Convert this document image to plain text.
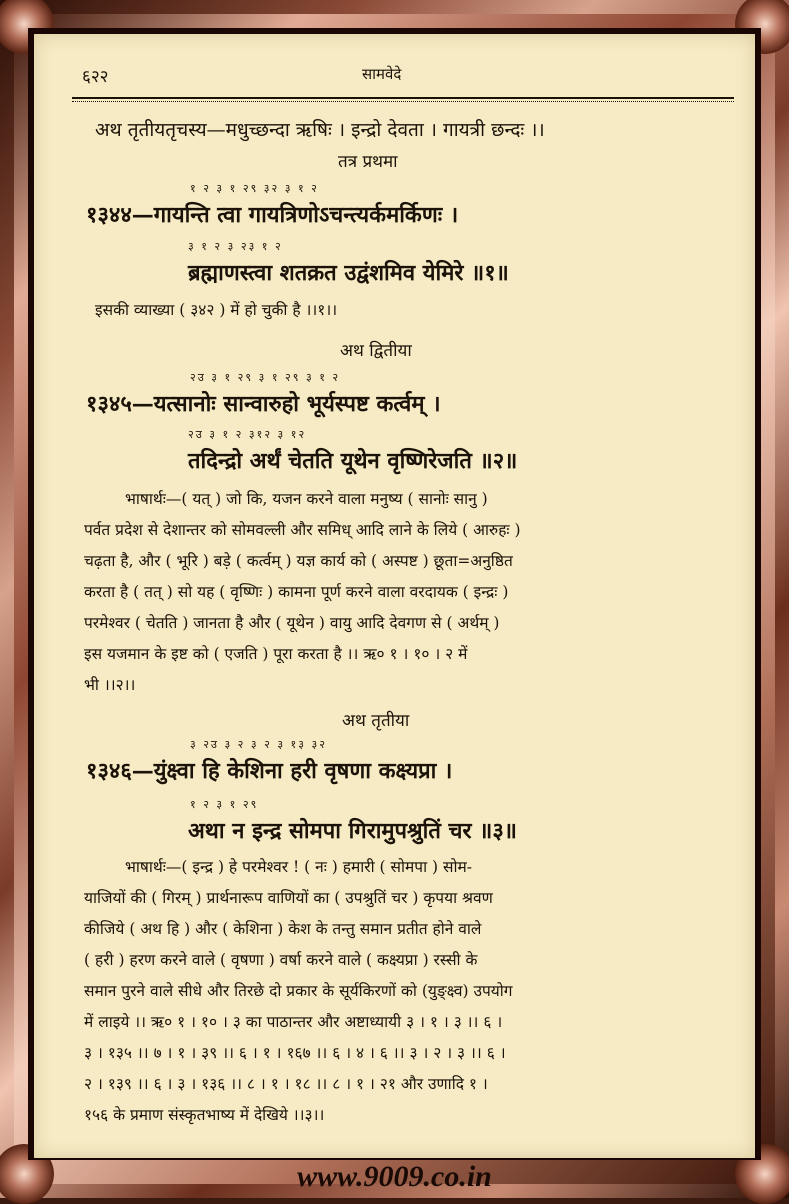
६२२	सामवेदे
अथ तृतीयतृचस्य—मधुच्छन्दा ऋषिः । इन्द्रो देवता । गायत्री छन्दः ।।
तत्र प्रथमा
१ २ ३ १ २९ ३२ ३ १ २
१३४४—गायन्ति त्वा गायत्रिणोऽचन्त्यर्कमर्किणः ।
३ १ २ ३ २३ १ २
ब्रह्माणस्त्वा शतक्रत उद्वंशमिव येमिरे ॥१॥
इसकी व्याख्या ( ३४२ ) में हो चुकी है ।।१।।
अथ द्वितीया
२उ ३ १ २९ ३ १ २९ ३ १ २
१३४५—यत्सानोः सान्वारुहो भूर्यस्पष्ट कर्त्वम् ।
२उ ३ १ २ ३१२ ३ १२
तदिन्द्रो अर्थं चेतति यूथेन वृष्णिरेजति ॥२॥
भाषार्थः—( यत् ) जो कि, यजन करने वाला मनुष्य ( सानोः सानु )
पर्वत प्रदेश से देशान्तर को सोमवल्ली और समिध् आदि लाने के लिये ( आरुहः )
चढ़ता है, और ( भूरि ) बड़े ( कर्त्वम् ) यज्ञ कार्य को ( अस्पष्ट ) छूता=अनुष्ठित
करता है ( तत् ) सो यह ( वृष्णिः ) कामना पूर्ण करने वाला वरदायक ( इन्द्रः )
परमेश्वर ( चेतति ) जानता है और ( यूथेन ) वायु आदि देवगण से ( अर्थम् )
इस यजमान के इष्ट को ( एजति ) पूरा करता है ।। ऋ० १ । १० । २ में
भी ।।२।।
अथ तृतीया
३ २उ ३ २ ३ २ ३ १३ ३२
१३४६—युंक्ष्वा हि केशिना हरी वृषणा कक्ष्यप्रा ।
१ २ ३ १ २९
अथा न इन्द्र सोमपा गिरामुपश्रुतिं चर ॥३॥
भाषार्थः—( इन्द्र ) हे परमेश्वर ! ( नः ) हमारी ( सोमपा ) सोम-
याजियों की ( गिरम् ) प्रार्थनारूप वाणियों का ( उपश्रुतिं चर ) कृपया श्रवण
कीजिये ( अथ हि ) और ( केशिना ) केश के तन्तु समान प्रतीत होने वाले
( हरी ) हरण करने वाले ( वृषणा ) वर्षा करने वाले ( कक्ष्यप्रा ) रस्सी के
समान पुरने वाले सीधे और तिरछे दो प्रकार के सूर्यकिरणों को (युङ्क्ष्व) उपयोग
में लाइये ।। ऋ० १ । १० । ३ का पाठान्तर और अष्टाध्यायी ३ । १ । ३ ।। ६ ।
३ । १३५ ।। ७ । १ । ३९ ।। ६ । १ । १६७ ।। ६ । ४ । ६ ।। ३ । २ । ३ ।। ६ ।
२ । १३९ ।। ६ । ३ । १३६ ।। ८ । १ । १८ ।। ८ । १ । २१ और उणादि १ ।
१५६ के प्रमाण संस्कृतभाष्य में देखिये ।।३।।
www.9009.co.in
